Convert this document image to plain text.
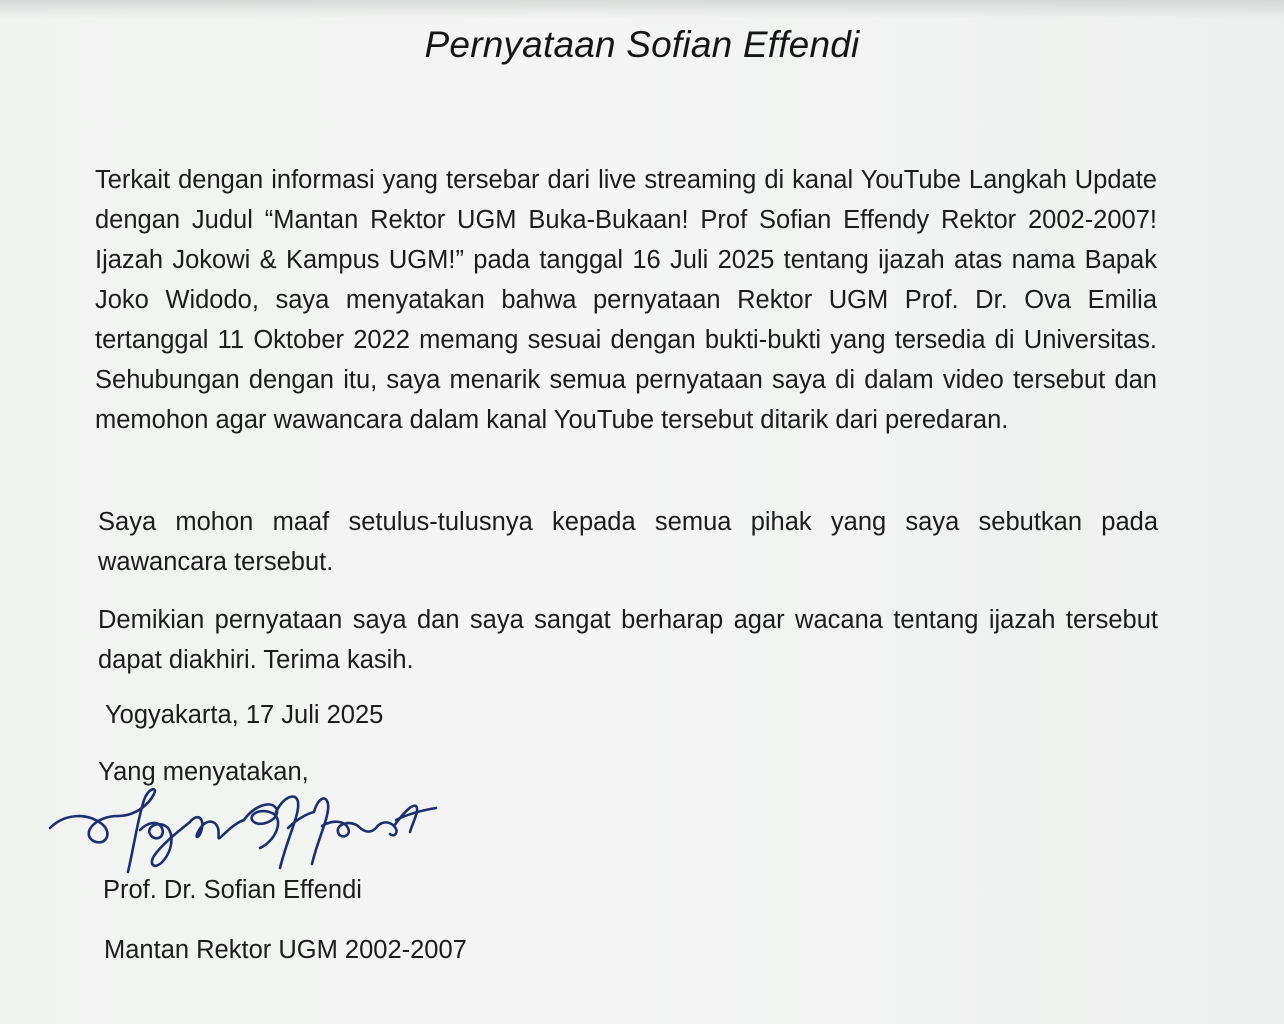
Pernyataan Sofian Effendi
Terkait dengan informasi yang tersebar dari live streaming di kanal YouTube Langkah Update dengan Judul “Mantan Rektor UGM Buka-Bukaan! Prof Sofian Effendy Rektor 2002-2007! Ijazah Jokowi & Kampus UGM!” pada tanggal 16 Juli 2025 tentang ijazah atas nama Bapak Joko Widodo, saya menyatakan bahwa pernyataan Rektor UGM Prof. Dr. Ova Emilia tertanggal 11 Oktober 2022 memang sesuai dengan bukti-bukti yang tersedia di Universitas. Sehubungan dengan itu, saya menarik semua pernyataan saya di dalam video tersebut dan memohon agar wawancara dalam kanal YouTube tersebut ditarik dari peredaran.
Saya mohon maaf setulus-tulusnya kepada semua pihak yang saya sebutkan pada wawancara tersebut.
Demikian pernyataan saya dan saya sangat berharap agar wacana tentang ijazah tersebut dapat diakhiri. Terima kasih.
Yogyakarta, 17 Juli 2025
Yang menyatakan,
Prof. Dr. Sofian Effendi
Mantan Rektor UGM 2002-2007
